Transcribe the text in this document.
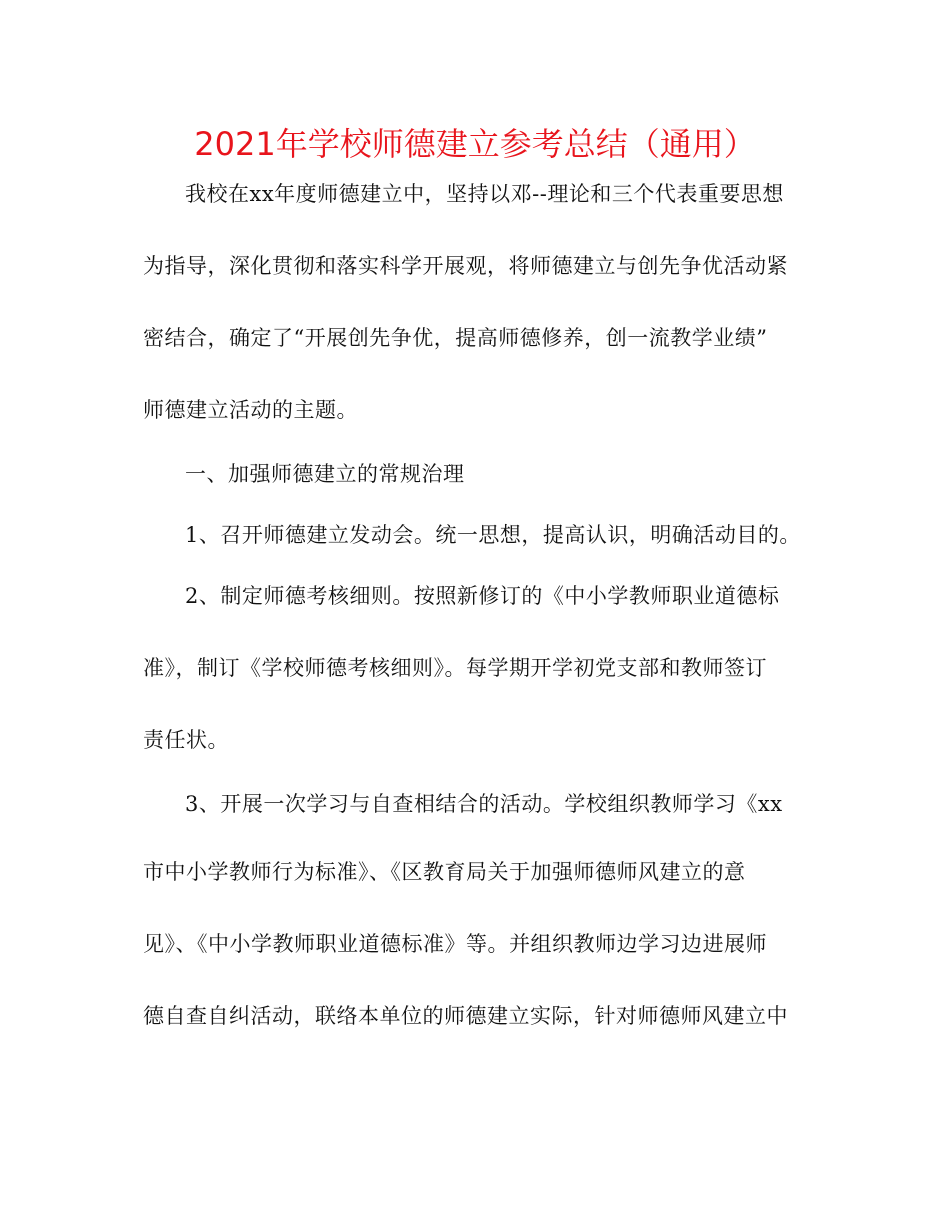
2021年学校师德建立参考总结（通用）
我校在xx年度师德建立中，坚持以邓--理论和三个代表重要思想
为指导，深化贯彻和落实科学开展观，将师德建立与创先争优活动紧
密结合，确定了“开展创先争优，提高师德修养，创一流教学业绩”
师德建立活动的主题。
一、加强师德建立的常规治理
1、召开师德建立发动会。统一思想，提高认识，明确活动目的。
2、制定师德考核细则。按照新修订的《中小学教师职业道德标
准》，制订《学校师德考核细则》。每学期开学初党支部和教师签订
责任状。
3、开展一次学习与自查相结合的活动。学校组织教师学习《xx
市中小学教师行为标准》、《区教育局关于加强师德师风建立的意
见》、《中小学教师职业道德标准》等。并组织教师边学习边进展师
德自查自纠活动，联络本单位的师德建立实际，针对师德师风建立中
